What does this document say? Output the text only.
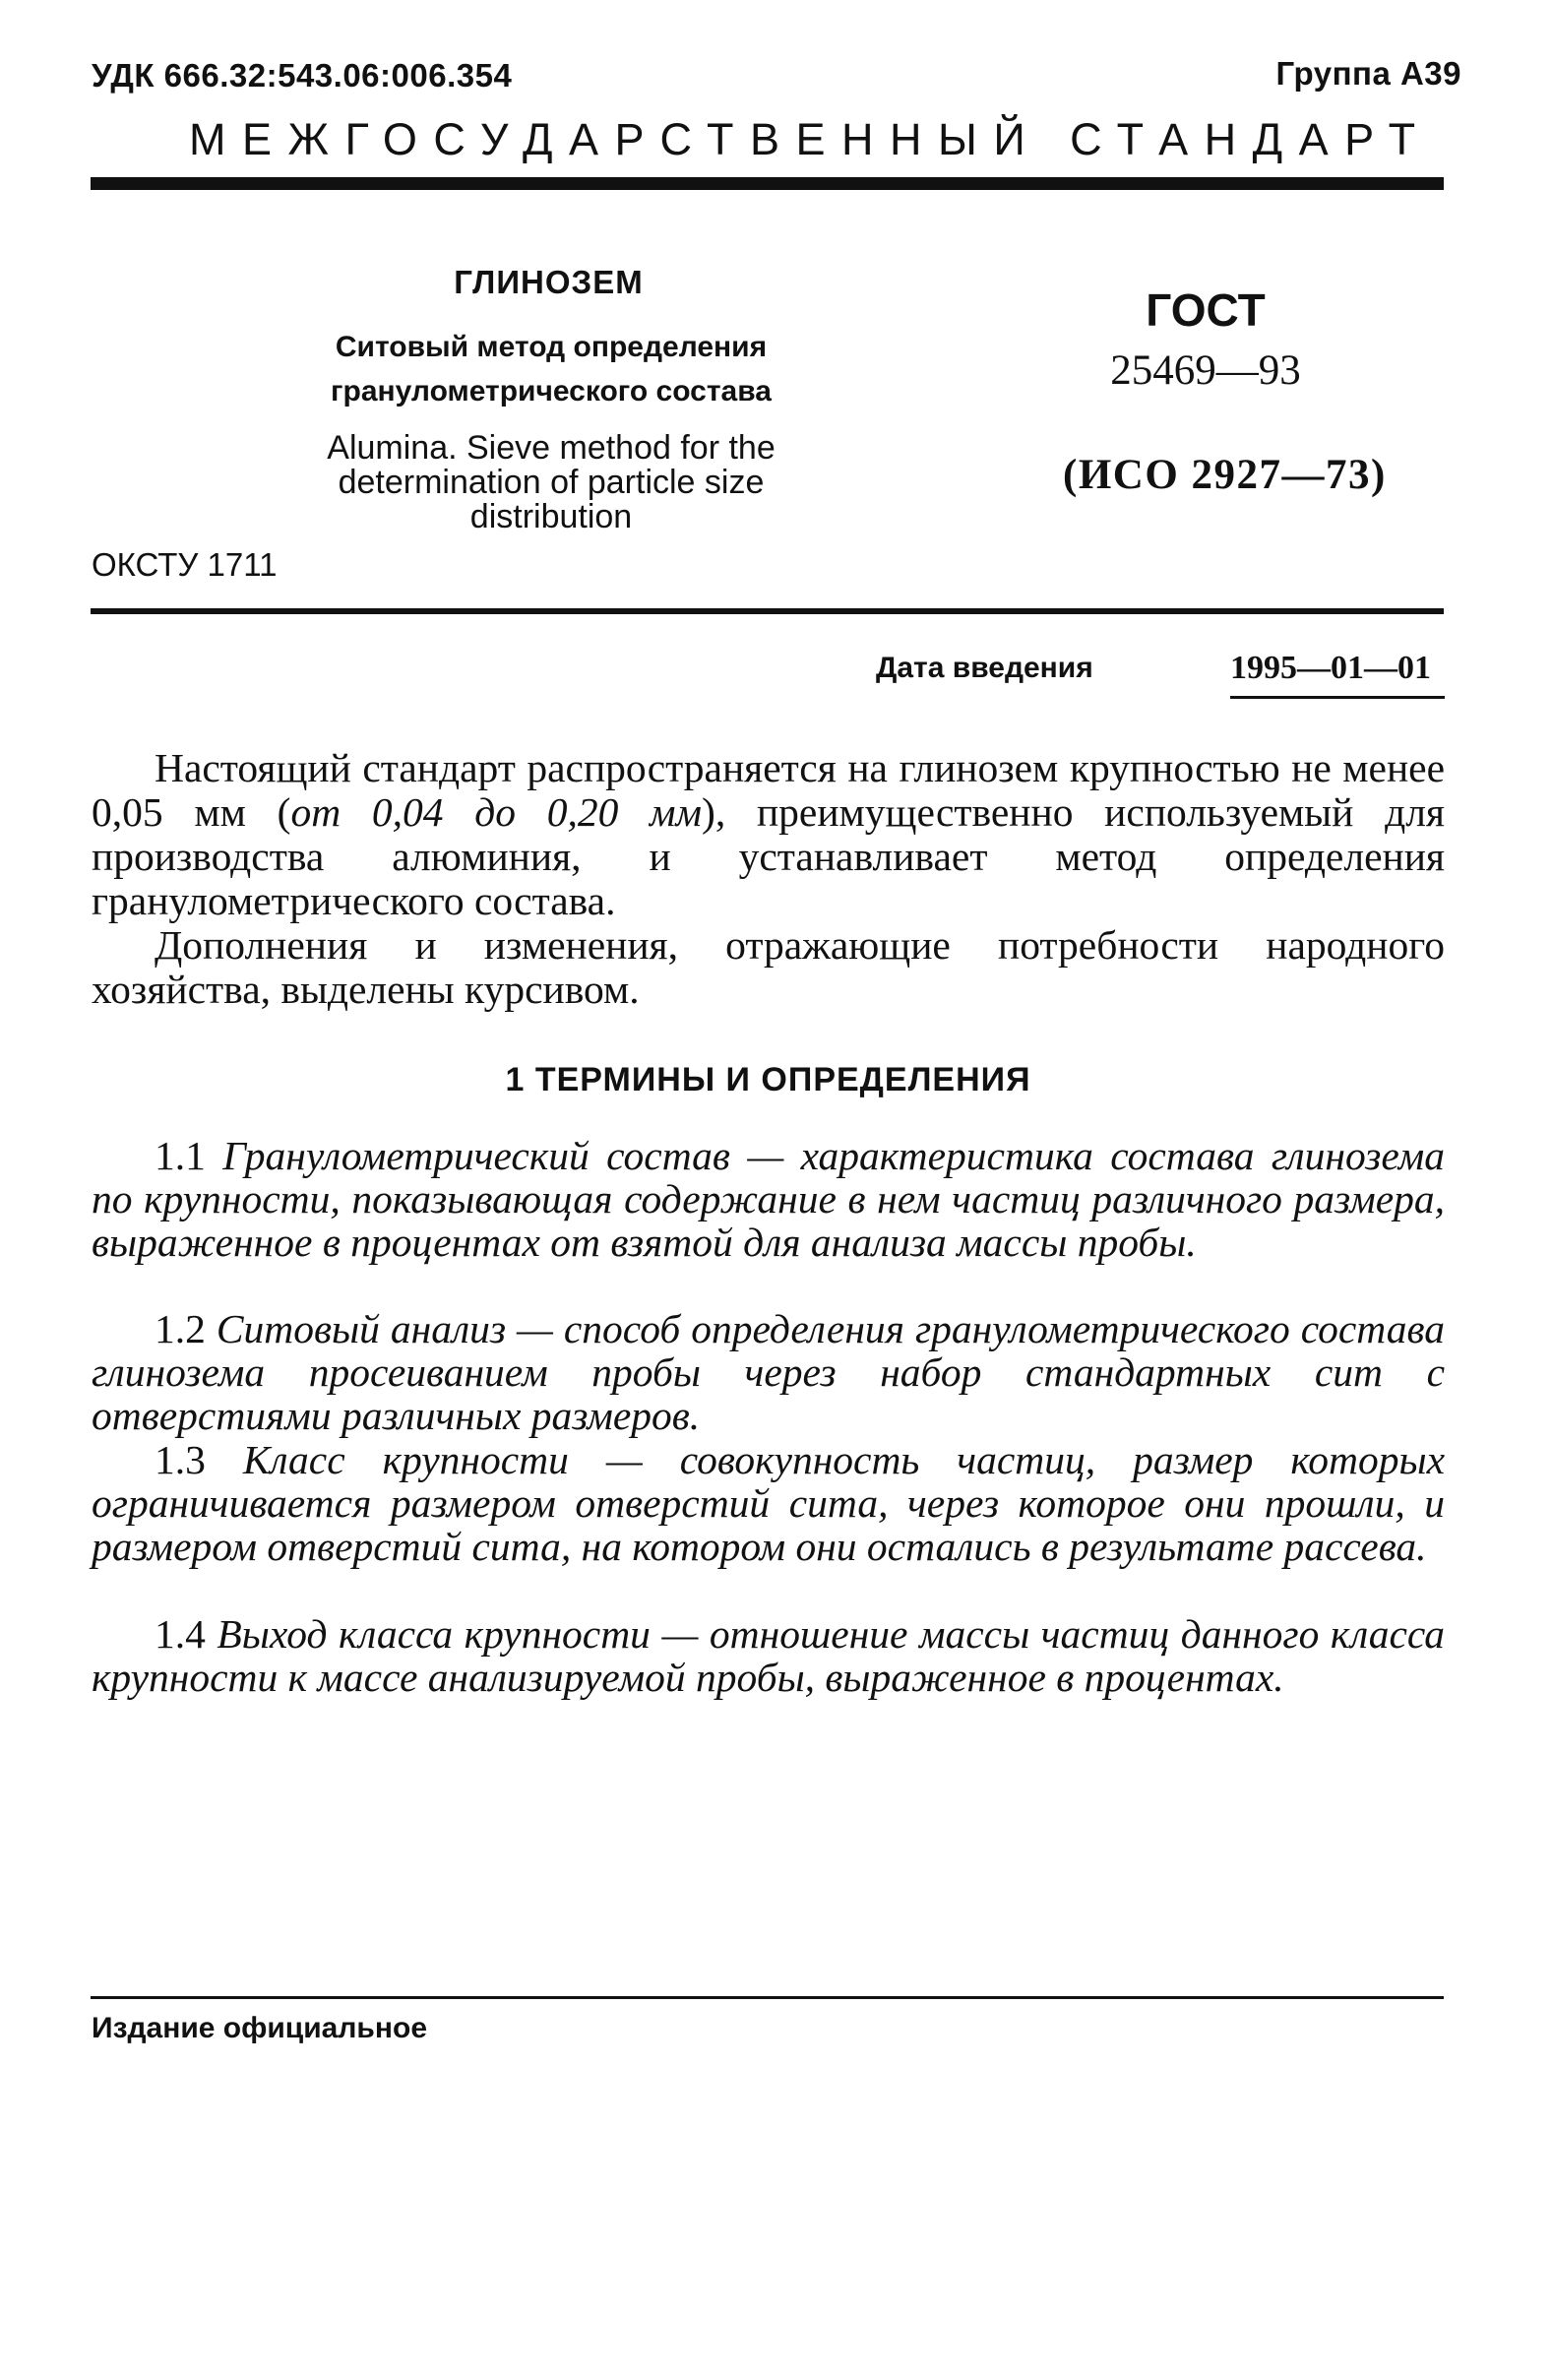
УДК 666.32:543.06:006.354	Группа А39
МЕЖГОСУДАРСТВЕННЫЙ СТАНДАРТ
ГЛИНОЗЕМ
Ситовый метод определения
гранулометрического состава
Alumina. Sieve method for the
determination of particle size
distribution
ГОСТ
25469—93
(ИСО 2927—73)
ОКСТУ 1711
Дата введения	1995—01—01
Настоящий стандарт распространяется на глинозем крупностью не менее 0,05 мм (от 0,04 до 0,20 мм), преимущественно используемый для производства алюминия, и устанавливает метод определения гранулометрического состава.
Дополнения и изменения, отражающие потребности народного хозяйства, выделены курсивом.
1 ТЕРМИНЫ И ОПРЕДЕЛЕНИЯ
1.1 Гранулометрический состав — характеристика состава глинозема по крупности, показывающая содержание в нем частиц различного размера, выраженное в процентах от взятой для анализа массы пробы.
1.2 Ситовый анализ — способ определения гранулометрического состава глинозема просеиванием пробы через набор стандартных сит с отверстиями различных размеров.
1.3 Класс крупности — совокупность частиц, размер которых ограничивается размером отверстий сита, через которое они прошли, и размером отверстий сита, на котором они остались в результате рассева.
1.4 Выход класса крупности — отношение массы частиц данного класса крупности к массе анализируемой пробы, выраженное в процентах.
Издание официальное
